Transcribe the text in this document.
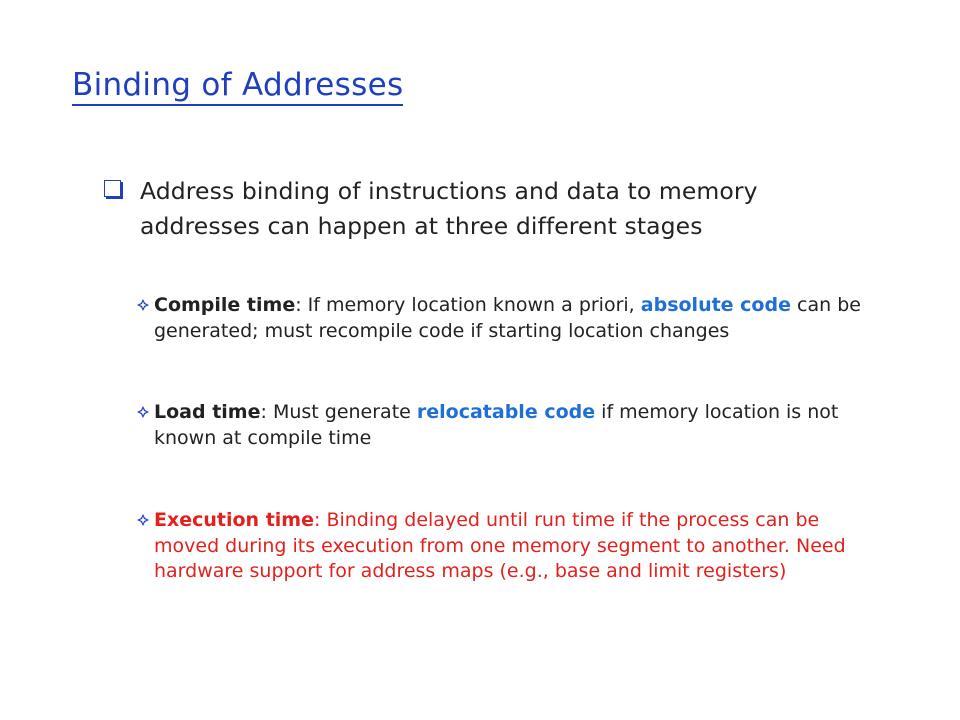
Binding of Addresses
Address binding of instructions and data to memory addresses can happen at three different stages
Compile time: If memory location known a priori, absolute code can be generated; must recompile code if starting location changes
Load time: Must generate relocatable code if memory location is not known at compile time
Execution time: Binding delayed until run time if the process can be moved during its execution from one memory segment to another. Need hardware support for address maps (e.g., base and limit registers)
